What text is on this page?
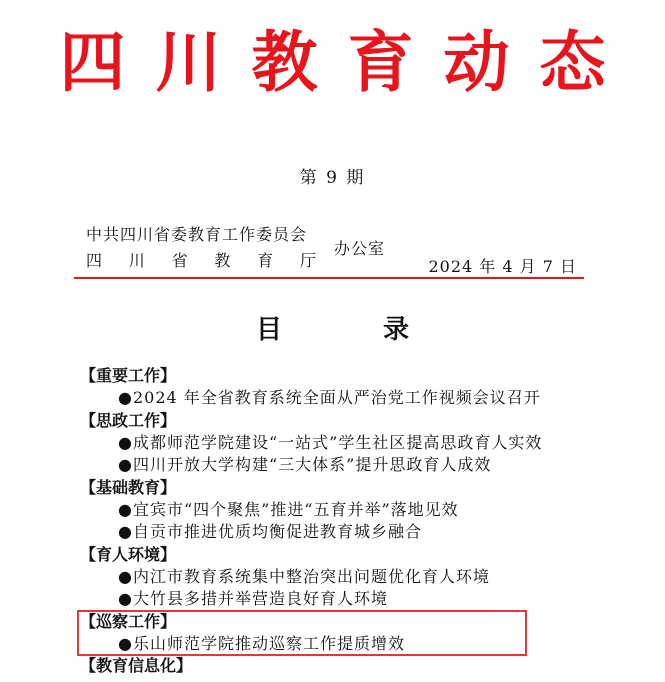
四川教育动态
第 9 期
中共四川省委教育工作委员会
四 川 省 教 育 厅
办公室
2024 年 4 月 7 日
目 录
【重要工作】
●2024 年全省教育系统全面从严治党工作视频会议召开
【思政工作】
●成都师范学院建设“一站式”学生社区提高思政育人实效
●四川开放大学构建“三大体系”提升思政育人成效
【基础教育】
●宜宾市“四个聚焦”推进“五育并举”落地见效
●自贡市推进优质均衡促进教育城乡融合
【育人环境】
●内江市教育系统集中整治突出问题优化育人环境
●大竹县多措并举营造良好育人环境
【巡察工作】
●乐山师范学院推动巡察工作提质增效
【教育信息化】
